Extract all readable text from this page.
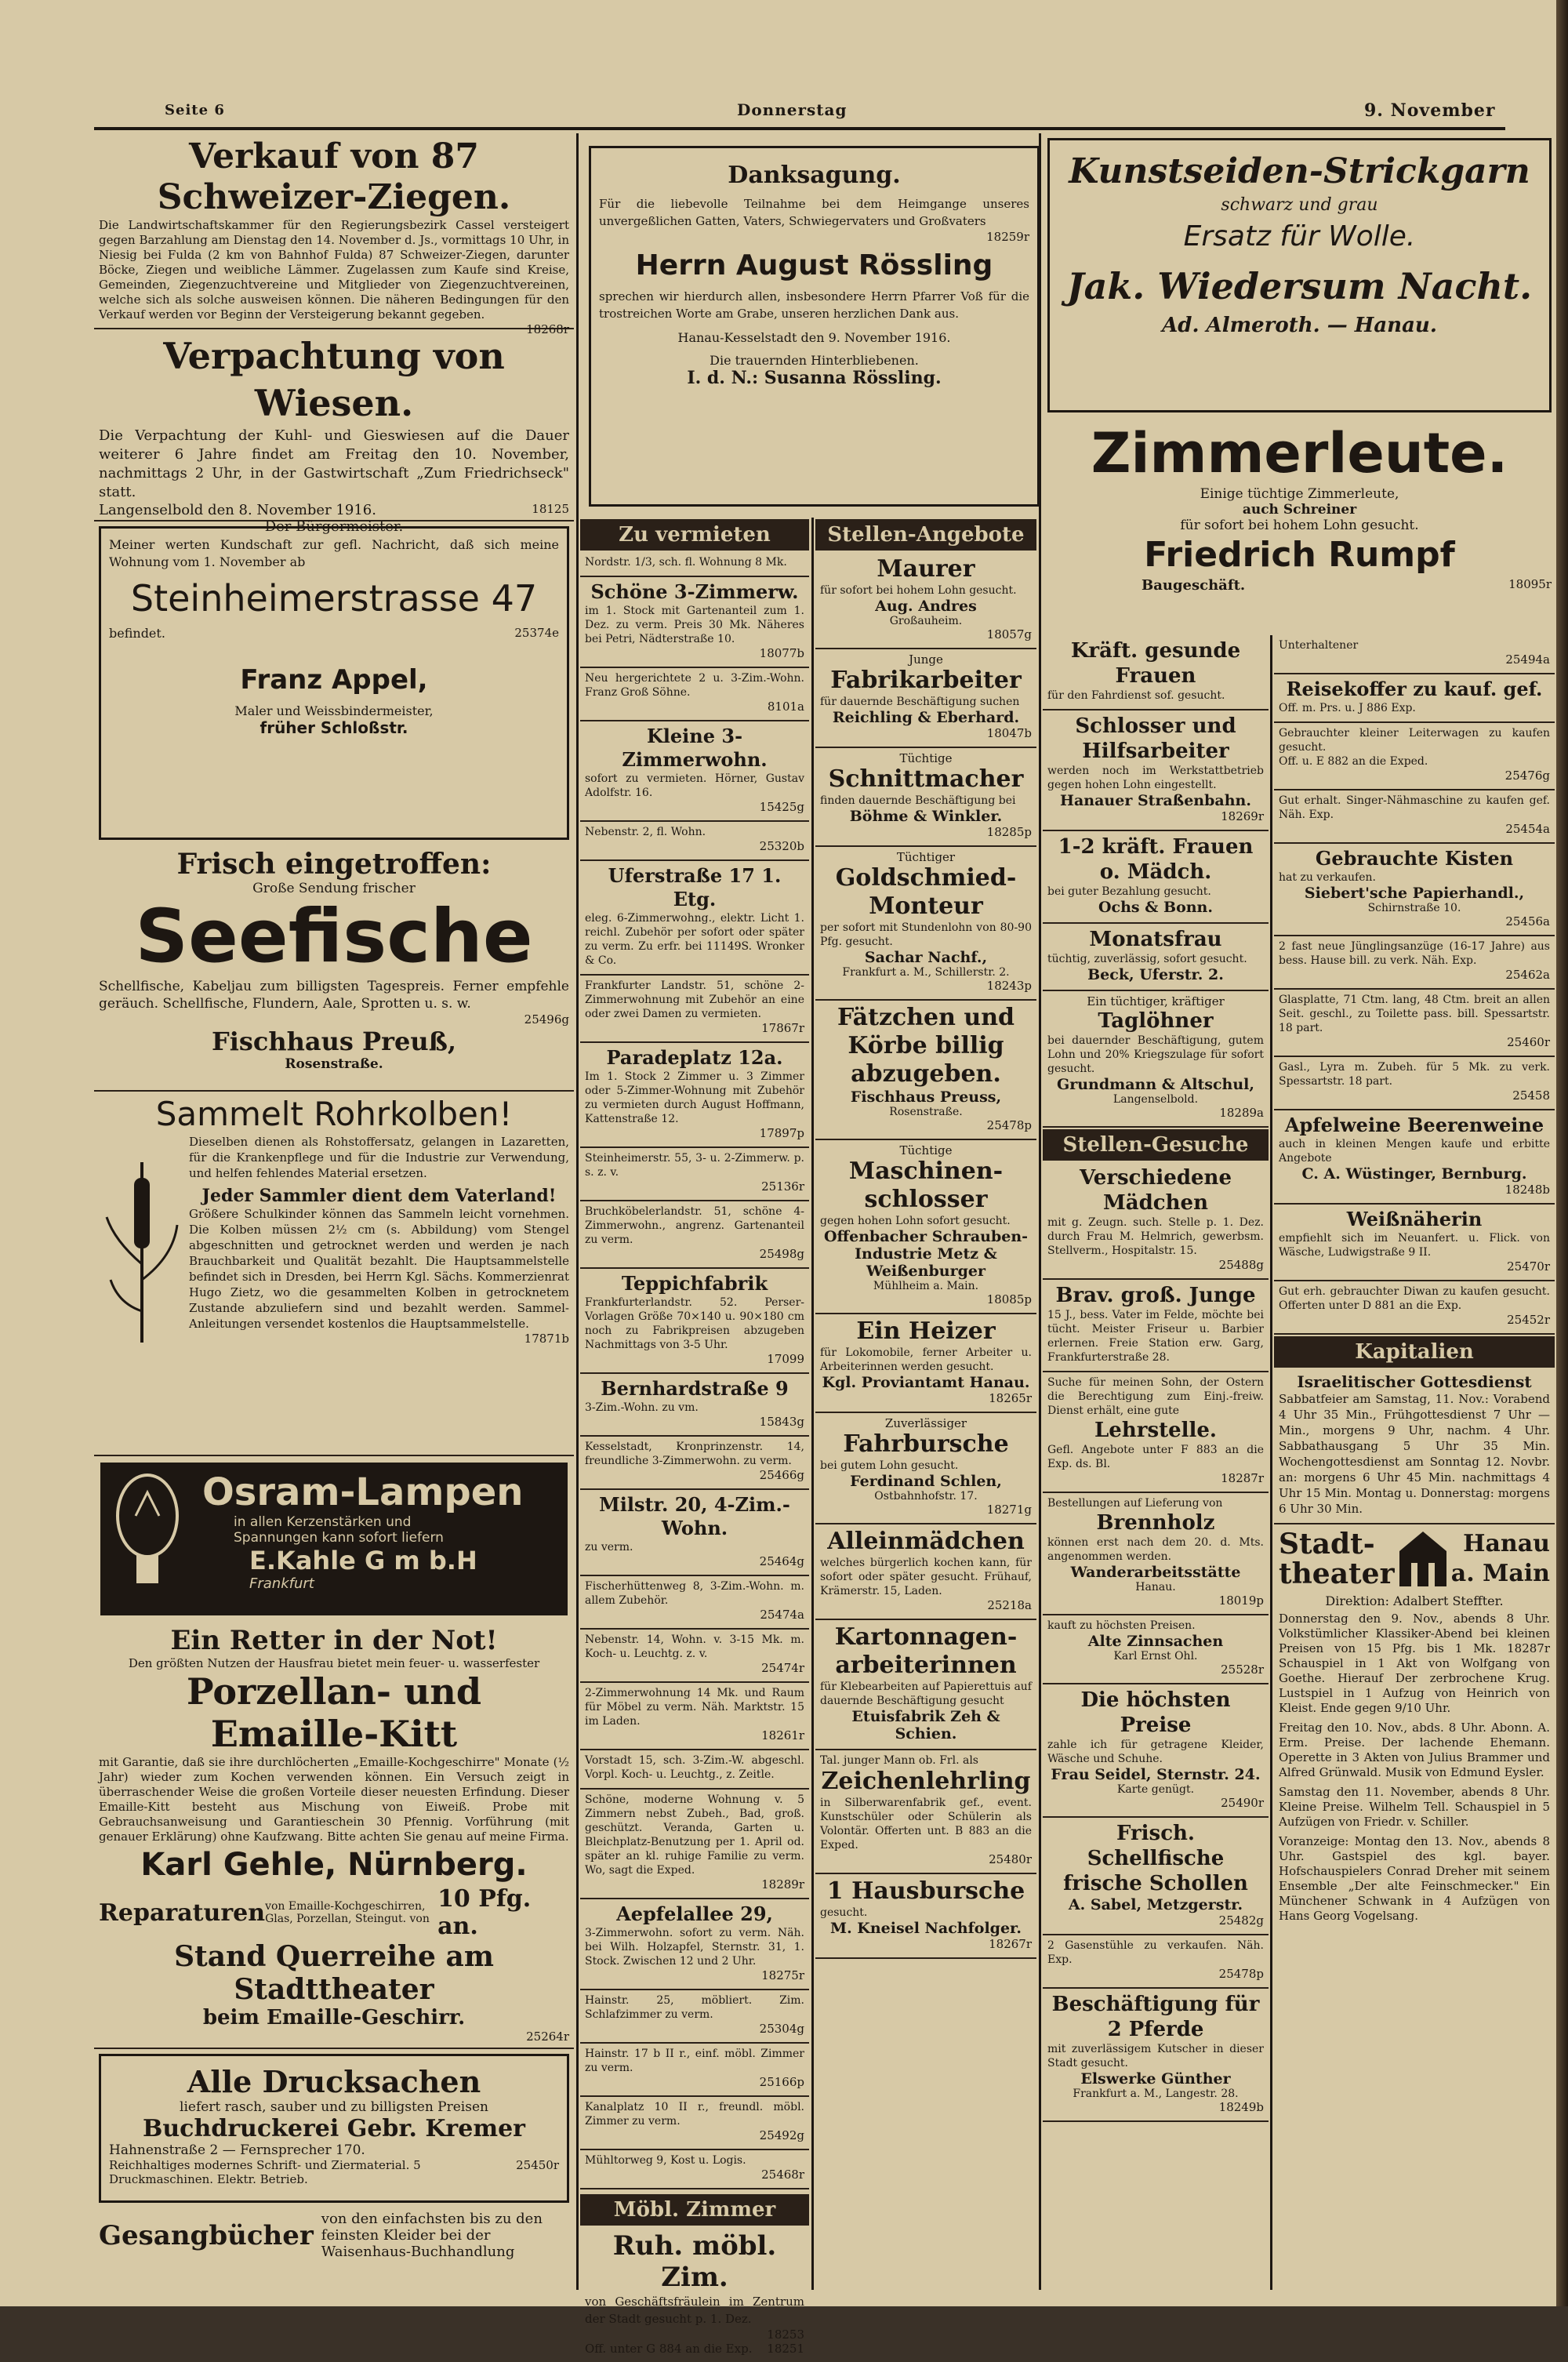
Seite 6	Donnerstag	9. November
Verkauf von 87 Schweizer-Ziegen.
Die Landwirtschaftskammer für den Regierungsbezirk Cassel versteigert gegen Barzahlung am Dienstag den 14. November d. Js., vormittags 10 Uhr, in Niesig bei Fulda (2 km von Bahnhof Fulda) 87 Schweizer-Ziegen, darunter Böcke, Ziegen und weibliche Lämmer. Zugelassen zum Kaufe sind Kreise, Gemeinden, Ziegenzuchtvereine und Mitglieder von Ziegenzuchtvereinen, welche sich als solche ausweisen können. Die näheren Bedingungen für den Verkauf werden vor Beginn der Versteigerung bekannt gegeben.
18268r
Verpachtung von Wiesen.
Die Verpachtung der Kuhl- und Gieswiesen auf die Dauer weiterer 6 Jahre findet am Freitag den 10. November, nachmittags 2 Uhr, in der Gastwirtschaft „Zum Friedrichseck" statt.
Langenselbold den 8. November 1916.	18125
Der Bürgermeister.
Meiner werten Kundschaft zur gefl. Nachricht, daß sich meine Wohnung vom 1. November ab
Steinheimerstrasse 47
befindet.	25374e
Franz Appel,
Maler und Weissbindermeister,
früher Schloßstr.
Frisch eingetroffen:
Große Sendung frischer
Seefische
Schellfische, Kabeljau zum billigsten Tagespreis. Ferner empfehle geräuch. Schellfische, Flundern, Aale, Sprotten u. s. w.
25496g
Fischhaus Preuß,
Rosenstraße.
Sammelt Rohrkolben!
Dieselben dienen als Rohstoffersatz, gelangen in Lazaretten, für die Krankenpflege und für die Industrie zur Verwendung, und helfen fehlendes Material ersetzen.
Jeder Sammler dient dem Vaterland!
Größere Schulkinder können das Sammeln leicht vornehmen. Die Kolben müssen 2½ cm (s. Abbildung) vom Stengel abgeschnitten und getrocknet werden und werden je nach Brauchbarkeit und Qualität bezahlt. Die Hauptsammelstelle befindet sich in Dresden, bei Herrn Kgl. Sächs. Kommerzienrat Hugo Zietz, wo die gesammelten Kolben in getrocknetem Zustande abzuliefern sind und bezahlt werden. Sammel-Anleitungen versendet kostenlos die Hauptsammelstelle.
17871b
Osram-Lampen
in allen Kerzenstärken und
Spannungen kann sofort liefern
E.Kahle G m b.H
Frankfurt
Ein Retter in der Not!
Den größten Nutzen der Hausfrau bietet mein feuer- u. wasserfester
Porzellan- und Emaille-Kitt
mit Garantie, daß sie ihre durchlöcherten „Emaille-Kochgeschirre" Monate (½ Jahr) wieder zum Kochen verwenden können. Ein Versuch zeigt in überraschender Weise die großen Vorteile dieser neuesten Erfindung. Dieser Emaille-Kitt besteht aus Mischung von Eiweiß. Probe mit Gebrauchsanweisung und Garantieschein 30 Pfennig. Vorführung (mit genauer Erklärung) ohne Kaufzwang. Bitte achten Sie genau auf meine Firma.
Karl Gehle, Nürnberg.
Reparaturen von Emaille-Kochgeschirren, Glas, Porzellan, Steingut. von
10 Pfg. an.
Stand Querreihe am Stadttheater
beim Emaille-Geschirr.
25264r
Alle Drucksachen
liefert rasch, sauber und zu billigsten Preisen
Buchdruckerei Gebr. Kremer
Hahnenstraße 2 — Fernsprecher 170.
Reichhaltiges modernes Schrift- und Ziermaterial. 5 Druckmaschinen. Elektr. Betrieb.
25450r
Gesangbücher
von den einfachsten bis zu den feinsten Kleider bei der Waisenhaus-Buchhandlung
Danksagung.
Für die liebevolle Teilnahme bei dem Heimgange unseres unvergeßlichen Gatten, Vaters, Schwiegervaters und Großvaters
18259r
Herrn August Rössling
sprechen wir hierdurch allen, insbesondere Herrn Pfarrer Voß für die trostreichen Worte am Grabe, unseren herzlichen Dank aus.
Hanau-Kesselstadt den 9. November 1916.
Die trauernden Hinterbliebenen.
I. d. N.: Susanna Rössling.
Zu vermieten
Nordstr. 1/3, sch. fl. Wohnung 8 Mk.
Schöne 3-Zimmerw.
im 1. Stock mit Gartenanteil zum 1. Dez. zu verm. Preis 30 Mk. Näheres bei Petri, Nädterstraße 10.
18077b
Neu hergerichtete 2 u. 3-Zim.-Wohn. Franz Groß Söhne.
8101a
Kleine 3-Zimmerwohn.
sofort zu vermieten. Hörner, Gustav Adolfstr. 16.
15425g
Nebenstr. 2, fl. Wohn.
25320b
Uferstraße 17 1. Etg.
eleg. 6-Zimmerwohng., elektr. Licht 1. reichl. Zubehör per sofort oder später zu verm. Zu erfr. bei 11149S. Wronker & Co.
Frankfurter Landstr. 51, schöne 2-Zimmerwohnung mit Zubehör an eine oder zwei Damen zu vermieten.
17867r
Paradeplatz 12a.
Im 1. Stock 2 Zimmer u. 3 Zimmer oder 5-Zimmer-Wohnung mit Zubehör zu vermieten durch August Hoffmann, Kattenstraße 12.
17897p
Steinheimerstr. 55, 3- u. 2-Zimmerw. p. s. z. v.
25136r
Bruchköbelerlandstr. 51, schöne 4-Zimmerwohn., angrenz. Gartenanteil zu verm.
25498g
Teppichfabrik
Frankfurterlandstr. 52. Perser-Vorlagen Größe 70×140 u. 90×180 cm noch zu Fabrikpreisen abzugeben Nachmittags von 3-5 Uhr.
17099
Bernhardstraße 9
3-Zim.-Wohn. zu vm.
15843g
Kesselstadt, Kronprinzenstr. 14, freundliche 3-Zimmerwohn. zu verm.
25466g
Milstr. 20, 4-Zim.-Wohn.
zu verm.
25464g
Fischerhüttenweg 8, 3-Zim.-Wohn. m. allem Zubehör.
25474a
Nebenstr. 14, Wohn. v. 3-15 Mk. m. Koch- u. Leuchtg. z. v.
25474r
2-Zimmerwohnung 14 Mk. und Raum für Möbel zu verm. Näh. Marktstr. 15 im Laden.
18261r
Vorstadt 15, sch. 3-Zim.-W. abgeschl. Vorpl. Koch- u. Leuchtg., z. Zeitle.
Schöne, moderne Wohnung v. 5 Zimmern nebst Zubeh., Bad, groß. geschützt. Veranda, Garten u. Bleichplatz-Benutzung per 1. April od. später an kl. ruhige Familie zu verm. Wo, sagt die Exped.
18289r
Aepfelallee 29,
3-Zimmerwohn. sofort zu verm. Näh. bei Wilh. Holzapfel, Sternstr. 31, 1. Stock. Zwischen 12 und 2 Uhr.
18275r
Hainstr. 25, möbliert. Zim. Schlafzimmer zu verm.
25304g
Hainstr. 17 b II r., einf. möbl. Zimmer zu verm.
25166p
Kanalplatz 10 II r., freundl. möbl. Zimmer zu verm.
25492g
Mühltorweg 9, Kost u. Logis.
25468r
Möbl. Zimmer
Ruh. möbl. Zim.
von Geschäftsfräulein im Zentrum der Stadt gesucht p. 1. Dez.
18253
Off. unter G 884 an die Exp. 18251
Stellen-Angebote
Maurer
für sofort bei hohem Lohn gesucht.
Aug. Andres
Großauheim.
18057g
Junge
Fabrikarbeiter
für dauernde Beschäftigung suchen
Reichling & Eberhard.
18047b
Tüchtige
Schnittmacher
finden dauernde Beschäftigung bei
Böhme & Winkler.
18285p
Tüchtiger
Goldschmied-Monteur
per sofort mit Stundenlohn von 80-90 Pfg. gesucht.
Sachar Nachf.,
Frankfurt a. M., Schillerstr. 2.
18243p
Fätzchen und Körbe billig abzugeben.
Fischhaus Preuss,
Rosenstraße.
25478p
Tüchtige
Maschinen-schlosser
gegen hohen Lohn sofort gesucht.
Offenbacher Schrauben-Industrie Metz & Weißenburger
Mühlheim a. Main.
18085p
Ein Heizer
für Lokomobile, ferner Arbeiter u. Arbeiterinnen werden gesucht.
Kgl. Proviantamt Hanau.
18265r
Zuverlässiger
Fahrbursche
bei gutem Lohn gesucht.
Ferdinand Schlen,
Ostbahnhofstr. 17.
18271g
Alleinmädchen
welches bürgerlich kochen kann, für sofort oder später gesucht. Frühauf, Krämerstr. 15, Laden.
25218a
Kartonnagen-arbeiterinnen
für Klebearbeiten auf Papierettuis auf dauernde Beschäftigung gesucht
Etuisfabrik Zeh & Schien.
Tal. junger Mann ob. Frl. als
Zeichenlehrling
in Silberwarenfabrik gef., event. Kunstschüler oder Schülerin als Volontär. Offerten unt. B 883 an die Exped.
25480r
1 Hausbursche
gesucht.
M. Kneisel Nachfolger.
18267r
Kunstseiden-Strickgarn
schwarz und grau
Ersatz für Wolle.
Jak. Wiedersum Nacht.
Ad. Almeroth. — Hanau.
Zimmerleute.
Einige tüchtige Zimmerleute,
auch Schreiner
für sofort bei hohem Lohn gesucht.
Friedrich Rumpf
Baugeschäft.	18095r
Kräft. gesunde Frauen
für den Fahrdienst sof. gesucht.
Schlosser und Hilfsarbeiter
werden noch im Werkstattbetrieb gegen hohen Lohn eingestellt.
Hanauer Straßenbahn.
18269r
1-2 kräft. Frauen o. Mädch.
bei guter Bezahlung gesucht.
Ochs & Bonn.
Monatsfrau
tüchtig, zuverlässig, sofort gesucht.
Beck, Uferstr. 2.
Ein tüchtiger, kräftiger
Taglöhner
bei dauernder Beschäftigung, gutem Lohn und 20% Kriegszulage für sofort gesucht.
Grundmann & Altschul,
Langenselbold.
18289a
Stellen-Gesuche
Verschiedene Mädchen
mit g. Zeugn. such. Stelle p. 1. Dez. durch Frau M. Helmrich, gewerbsm. Stellverm., Hospitalstr. 15.
25488g
Brav. groß. Junge
15 J., bess. Vater im Felde, möchte bei tücht. Meister Friseur u. Barbier erlernen. Freie Station erw. Garg, Frankfurterstraße 28.
Suche für meinen Sohn, der Ostern die Berechtigung zum Einj.-freiw. Dienst erhält, eine gute
Lehrstelle.
Gefl. Angebote unter F 883 an die Exp. ds. Bl.
18287r
Bestellungen auf Lieferung von
Brennholz
können erst nach dem 20. d. Mts. angenommen werden.
Wanderarbeitsstätte
Hanau.
18019p
kauft zu höchsten Preisen.
Alte Zinnsachen
Karl Ernst Ohl.
25528r
Die höchsten Preise
zahle ich für getragene Kleider, Wäsche und Schuhe.
Frau Seidel, Sternstr. 24.
Karte genügt.
25490r
Frisch. Schellfische frische Schollen
A. Sabel, Metzgerstr.
25482g
2 Gasenstühle zu verkaufen. Näh. Exp.
25478p
Beschäftigung für 2 Pferde
mit zuverlässigem Kutscher in dieser Stadt gesucht.
Elswerke Günther
Frankfurt a. M., Langestr. 28.
18249b
Unterhaltener
25494a
Reisekoffer zu kauf. gef.
Off. m. Prs. u. J 886 Exp.
Gebrauchter kleiner Leiterwagen zu kaufen gesucht.
Off. u. E 882 an die Exped.
25476g
Gut erhalt. Singer-Nähmaschine zu kaufen gef. Näh. Exp.
25454a
Gebrauchte Kisten
hat zu verkaufen.
Siebert'sche Papierhandl.,
Schirnstraße 10.
25456a
2 fast neue Jünglingsanzüge (16-17 Jahre) aus bess. Hause bill. zu verk. Näh. Exp.
25462a
Glasplatte, 71 Ctm. lang, 48 Ctm. breit an allen Seit. geschl., zu Toilette pass. bill. Spessartstr. 18 part.
25460r
Gasl., Lyra m. Zubeh. für 5 Mk. zu verk. Spessartstr. 18 part.
25458
Apfelweine Beerenweine
auch in kleinen Mengen kaufe und erbitte Angebote
C. A. Wüstinger, Bernburg.
18248b
Weißnäherin
empfiehlt sich im Neuanfert. u. Flick. von Wäsche, Ludwigstraße 9 II.
25470r
Gut erh. gebrauchter Diwan zu kaufen gesucht. Offerten unter D 881 an die Exp.
25452r
Kapitalien
Israelitischer Gottesdienst
Sabbatfeier am Samstag, 11. Nov.: Vorabend 4 Uhr 35 Min., Frühgottesdienst 7 Uhr — Min., morgens 9 Uhr, nachm. 4 Uhr. Sabbathausgang 5 Uhr 35 Min. Wochengottesdienst am Sonntag 12. Novbr. an: morgens 6 Uhr 45 Min. nachmittags 4 Uhr 15 Min. Montag u. Donnerstag: morgens 6 Uhr 30 Min.
Stadt-
theater
Hanau
a. Main
Direktion: Adalbert Steffter.
Donnerstag den 9. Nov., abends 8 Uhr. Volkstümlicher Klassiker-Abend bei kleinen Preisen von 15 Pfg. bis 1 Mk. 18287r Schauspiel in 1 Akt von Wolfgang von Goethe. Hierauf Der zerbrochene Krug. Lustspiel in 1 Aufzug von Heinrich von Kleist. Ende gegen 9/10 Uhr.
Freitag den 10. Nov., abds. 8 Uhr. Abonn. A. Erm. Preise. Der lachende Ehemann. Operette in 3 Akten von Julius Brammer und Alfred Grünwald. Musik von Edmund Eysler.
Samstag den 11. November, abends 8 Uhr. Kleine Preise. Wilhelm Tell. Schauspiel in 5 Aufzügen von Friedr. v. Schiller.
Voranzeige: Montag den 13. Nov., abends 8 Uhr. Gastspiel des kgl. bayer. Hofschauspielers Conrad Dreher mit seinem Ensemble „Der alte Feinschmecker." Ein Münchener Schwank in 4 Aufzügen von Hans Georg Vogelsang.
